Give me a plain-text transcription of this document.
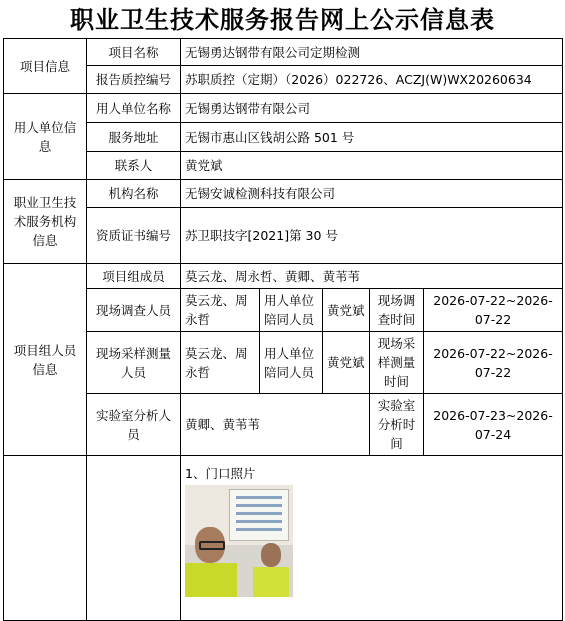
职业卫生技术服务报告网上公示信息表
项目信息	项目名称	无锡勇达钢带有限公司定期检测				
	报告质控编号	苏职质控（定期）（2026）022726、ACZJ(W)WX20260634				
用人单位信息	用人单位名称	无锡勇达钢带有限公司				
	服务地址	无锡市惠山区钱胡公路 501 号				
	联系人	黄党斌				
职业卫生技术服务机构信息	机构名称	无锡安诚检测科技有限公司				
	资质证书编号	苏卫职技字[2021]第 30 号				
项目组人员信息	项目组成员	莫云龙、周永哲、黄卿、黄苇苇				
	现场调查人员	莫云龙、周永哲	用人单位陪同人员	黄党斌	现场调查时间	2026-07-22~2026-07-22
	现场采样测量人员	莫云龙、周永哲	用人单位陪同人员	黄党斌	现场采样测量时间	2026-07-22~2026-07-22
	实验室分析人员	黄卿、黄苇苇			实验室分析时间	2026-07-23~2026-07-24

		1、门口照片				
